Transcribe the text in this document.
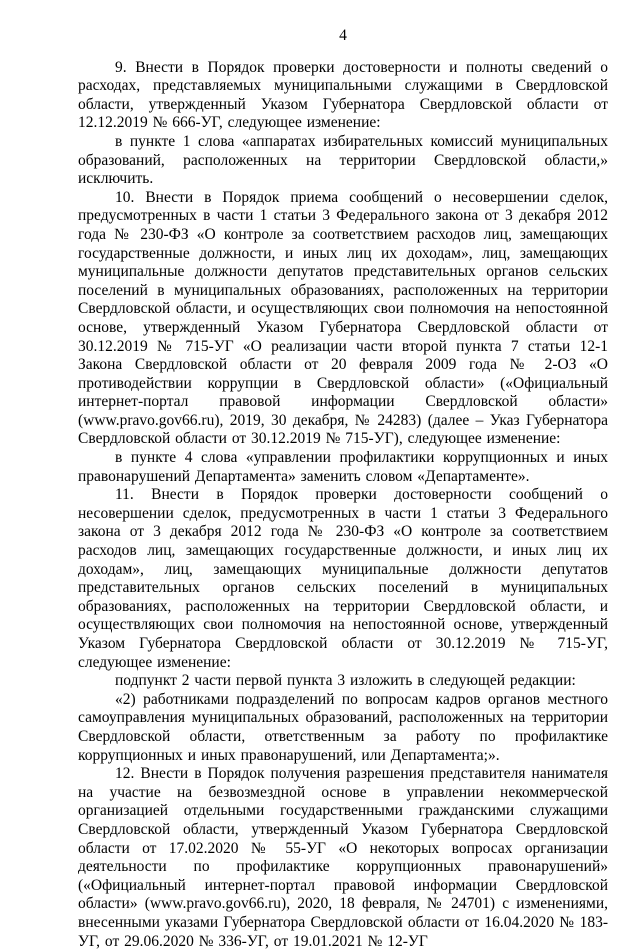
4

9. Внести в Порядок проверки достоверности и полноты сведений о расходах, представляемых муниципальными служащими в Свердловской области, утвержденный Указом Губернатора Свердловской области от 12.12.2019 № 666-УГ, следующее изменение:

в пункте 1 слова «аппаратах избирательных комиссий муниципальных образований, расположенных на территории Свердловской области,» исключить.

10. Внести в Порядок приема сообщений о несовершении сделок, предусмотренных в части 1 статьи 3 Федерального закона от 3 декабря 2012 года № 230-ФЗ «О контроле за соответствием расходов лиц, замещающих государственные должности, и иных лиц их доходам», лиц, замещающих муниципальные должности депутатов представительных органов сельских поселений в муниципальных образованиях, расположенных на территории Свердловской области, и осуществляющих свои полномочия на непостоянной основе, утвержденный Указом Губернатора Свердловской области от 30.12.2019 № 715-УГ «О реализации части второй пункта 7 статьи 12-1 Закона Свердловской области от 20 февраля 2009 года № 2-ОЗ «О противодействии коррупции в Свердловской области» («Официальный интернет-портал правовой информации Свердловской области» (www.pravo.gov66.ru), 2019, 30 декабря, № 24283) (далее – Указ Губернатора Свердловской области от 30.12.2019 № 715-УГ), следующее изменение:

в пункте 4 слова «управлении профилактики коррупционных и иных правонарушений Департамента» заменить словом «Департаменте».

11. Внести в Порядок проверки достоверности сообщений о несовершении сделок, предусмотренных в части 1 статьи 3 Федерального закона от 3 декабря 2012 года № 230-ФЗ «О контроле за соответствием расходов лиц, замещающих государственные должности, и иных лиц их доходам», лиц, замещающих муниципальные должности депутатов представительных органов сельских поселений в муниципальных образованиях, расположенных на территории Свердловской области, и осуществляющих свои полномочия на непостоянной основе, утвержденный Указом Губернатора Свердловской области от 30.12.2019 № 715-УГ, следующее изменение:

подпункт 2 части первой пункта 3 изложить в следующей редакции:

«2) работниками подразделений по вопросам кадров органов местного самоуправления муниципальных образований, расположенных на территории Свердловской области, ответственным за работу по профилактике коррупционных и иных правонарушений, или Департамента;».

12. Внести в Порядок получения разрешения представителя нанимателя на участие на безвозмездной основе в управлении некоммерческой организацией отдельными государственными гражданскими служащими Свердловской области, утвержденный Указом Губернатора Свердловской области от 17.02.2020 № 55-УГ «О некоторых вопросах организации деятельности по профилактике коррупционных правонарушений» («Официальный интернет-портал правовой информации Свердловской области» (www.pravo.gov66.ru), 2020, 18 февраля, № 24701) с изменениями, внесенными указами Губернатора Свердловской области от 16.04.2020 № 183-УГ, от 29.06.2020 № 336-УГ, от 19.01.2021 № 12-УГ
